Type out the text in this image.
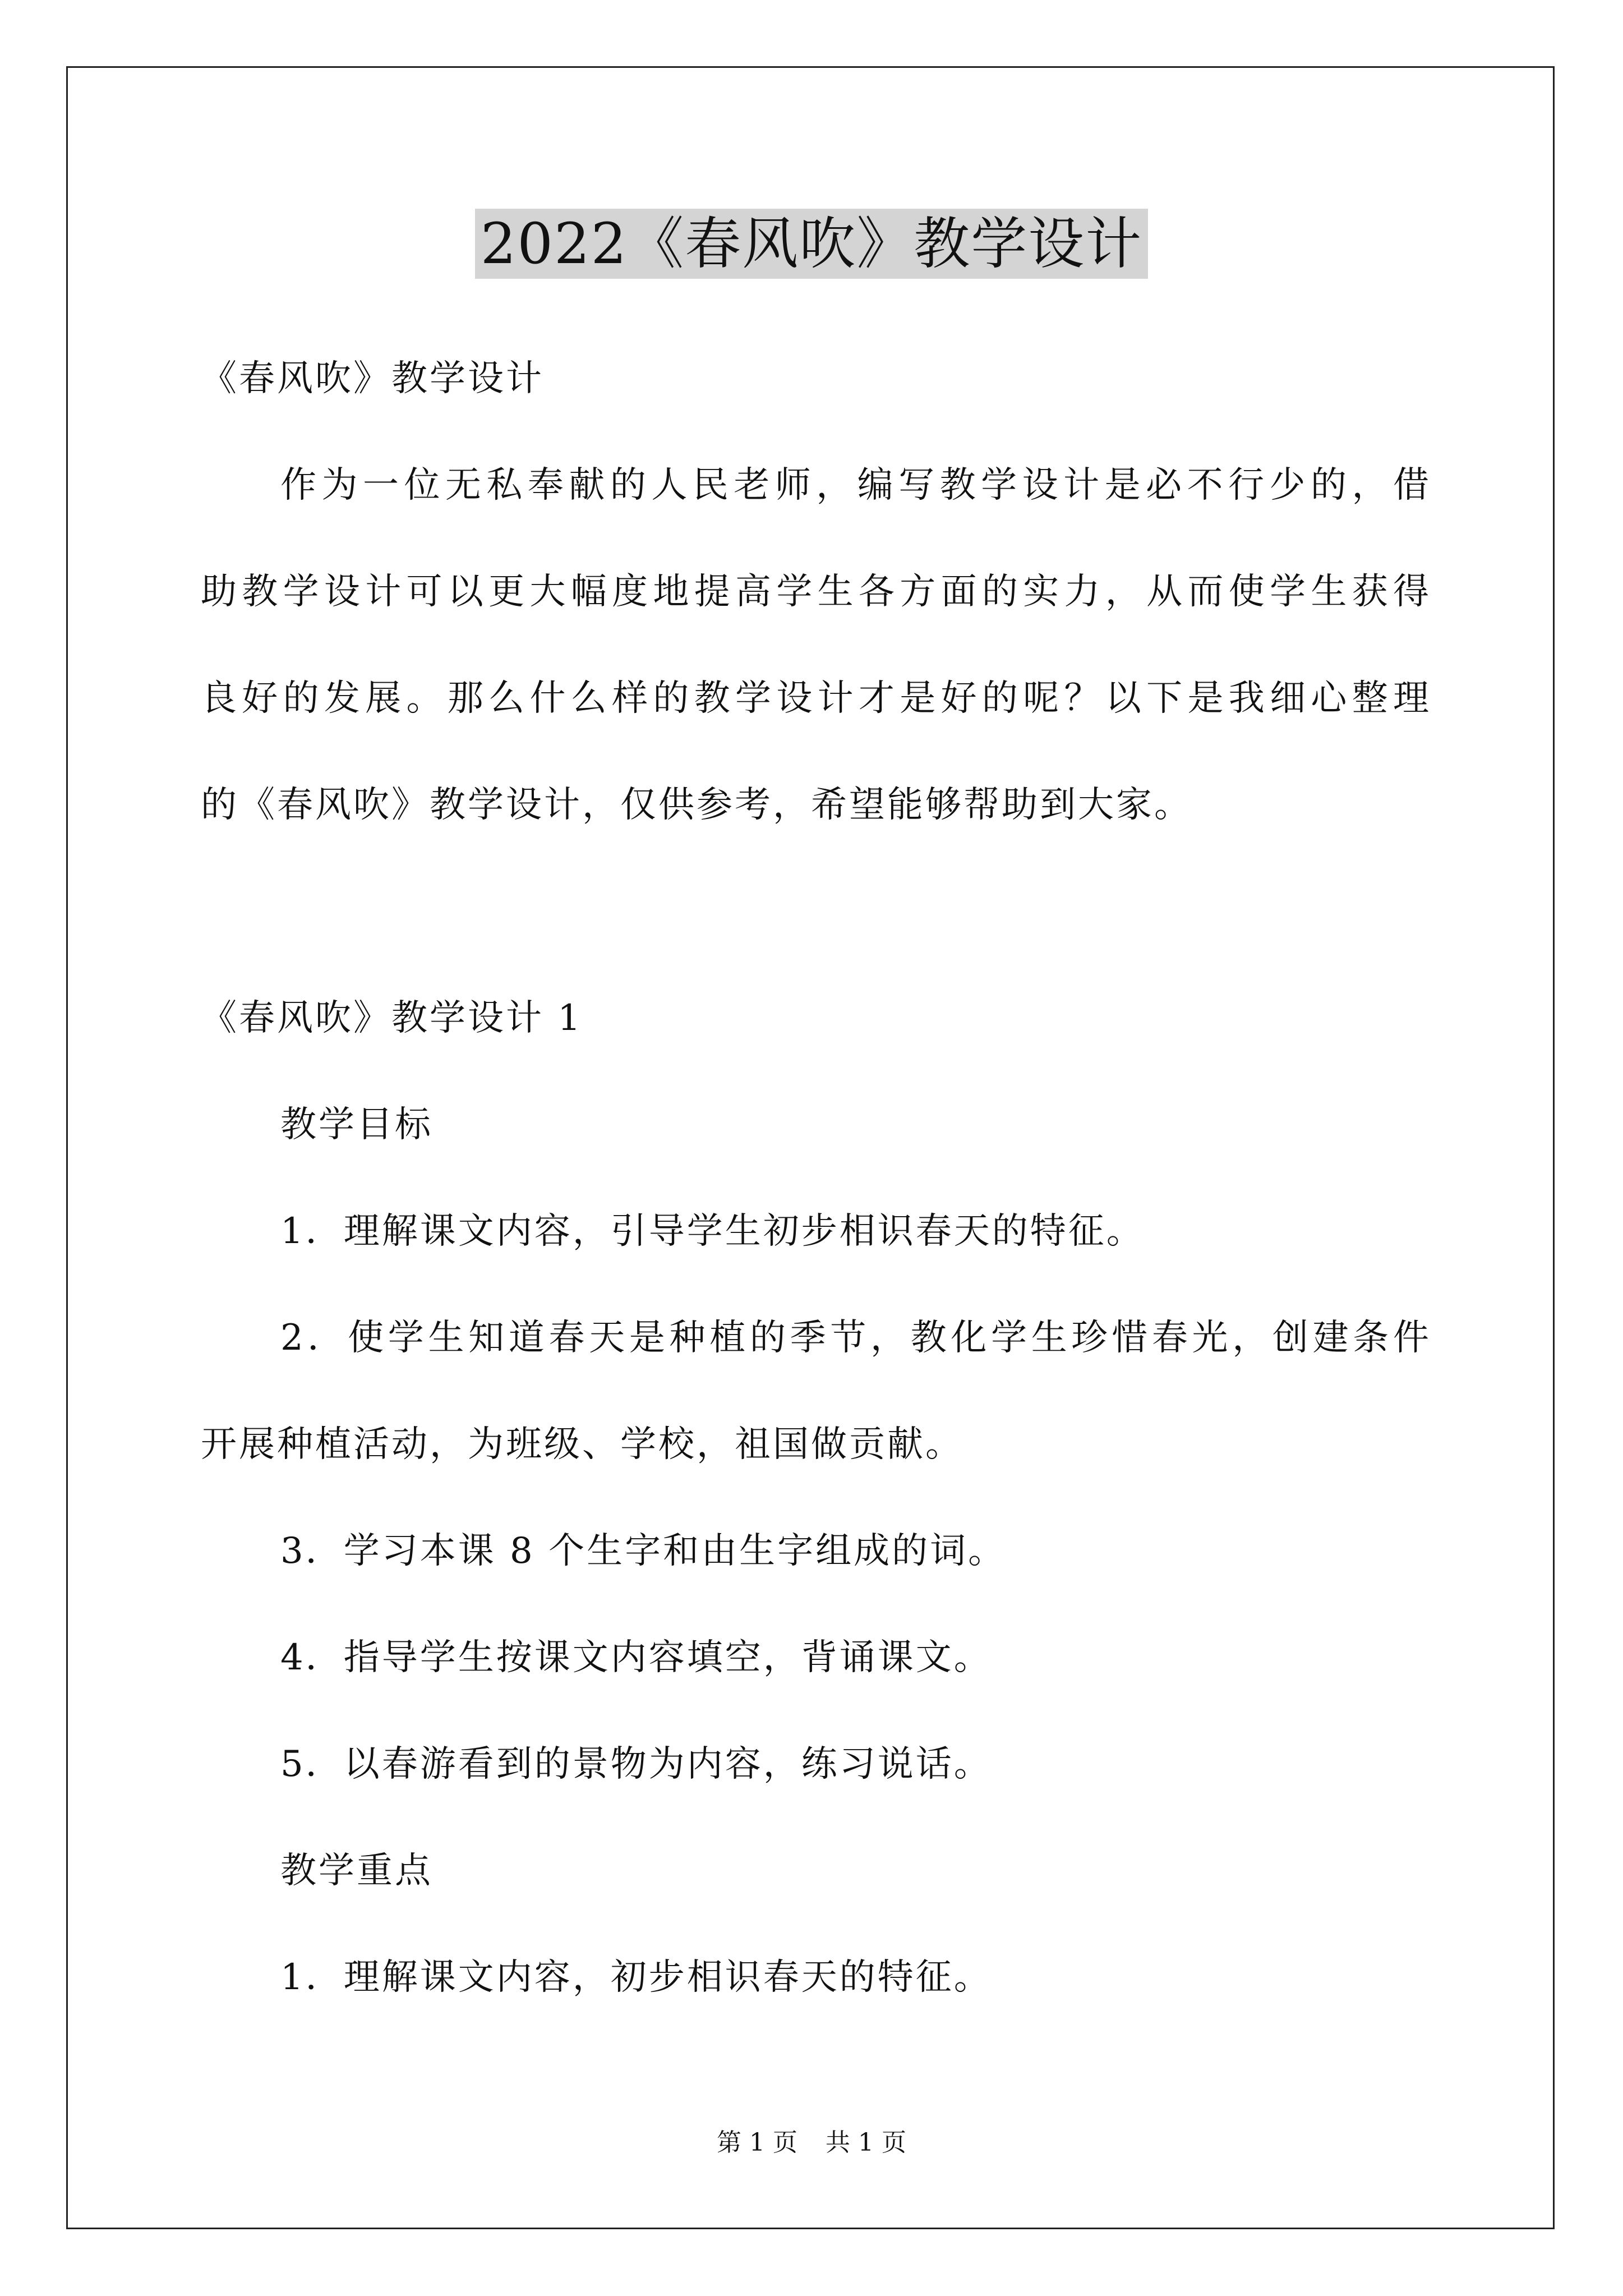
2022《春风吹》教学设计
《春风吹》教学设计
作为一位无私奉献的人民老师，编写教学设计是必不行少的，借
助教学设计可以更大幅度地提高学生各方面的实力，从而使学生获得
良好的发展。那么什么样的教学设计才是好的呢？以下是我细心整理
的《春风吹》教学设计，仅供参考，希望能够帮助到大家。
《春风吹》教学设计 1
教学目标
1．理解课文内容，引导学生初步相识春天的特征。
2．使学生知道春天是种植的季节，教化学生珍惜春光，创建条件
开展种植活动，为班级、学校，祖国做贡献。
3．学习本课 8 个生字和由生字组成的词。
4．指导学生按课文内容填空，背诵课文。
5．以春游看到的景物为内容，练习说话。
教学重点
1．理解课文内容，初步相识春天的特征。
第 1 页 共 1 页
